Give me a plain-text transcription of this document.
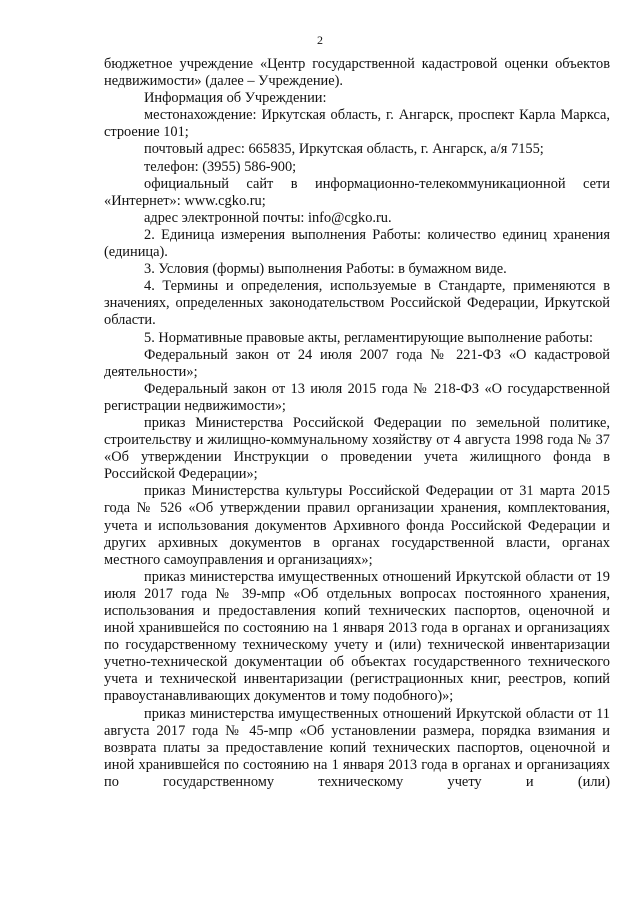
2

бюджетное учреждение «Центр государственной кадастровой оценки объектов недвижимости» (далее – Учреждение).

Информация об Учреждении:

местонахождение: Иркутская область, г. Ангарск, проспект Карла Маркса, строение 101;

почтовый адрес: 665835, Иркутская область, г. Ангарск, а/я 7155;

телефон: (3955) 586-900;

официальный сайт в информационно-телекоммуникационной сети «Интернет»: www.cgko.ru;

адрес электронной почты: info@cgko.ru.

2. Единица измерения выполнения Работы: количество единиц хранения (единица).

3. Условия (формы) выполнения Работы: в бумажном виде.

4. Термины и определения, используемые в Стандарте, применяются в значениях, определенных законодательством Российской Федерации, Иркутской области.

5. Нормативные правовые акты, регламентирующие выполнение работы:

Федеральный закон от 24 июля 2007 года № 221-ФЗ «О кадастровой деятельности»;

Федеральный закон от 13 июля 2015 года № 218-ФЗ «О государственной регистрации недвижимости»;

приказ Министерства Российской Федерации по земельной политике, строительству и жилищно-коммунальному хозяйству от 4 августа 1998 года № 37 «Об утверждении Инструкции о проведении учета жилищного фонда в Российской Федерации»;

приказ Министерства культуры Российской Федерации от 31 марта 2015 года № 526 «Об утверждении правил организации хранения, комплектования, учета и использования документов Архивного фонда Российской Федерации и других архивных документов в органах государственной власти, органах местного самоуправления и организациях»;

приказ министерства имущественных отношений Иркутской области от 19 июля 2017 года № 39-мпр «Об отдельных вопросах постоянного хранения, использования и предоставления копий технических паспортов, оценочной и иной хранившейся по состоянию на 1 января 2013 года в органах и организациях по государственному техническому учету и (или) технической инвентаризации учетно-технической документации об объектах государственного технического учета и технической инвентаризации (регистрационных книг, реестров, копий правоустанавливающих документов и тому подобного)»;

приказ министерства имущественных отношений Иркутской области от 11 августа 2017 года № 45-мпр «Об установлении размера, порядка взимания и возврата платы за предоставление копий технических паспортов, оценочной и иной хранившейся по состоянию на 1 января 2013 года в органах и организациях по государственному техническому учету и (или)
